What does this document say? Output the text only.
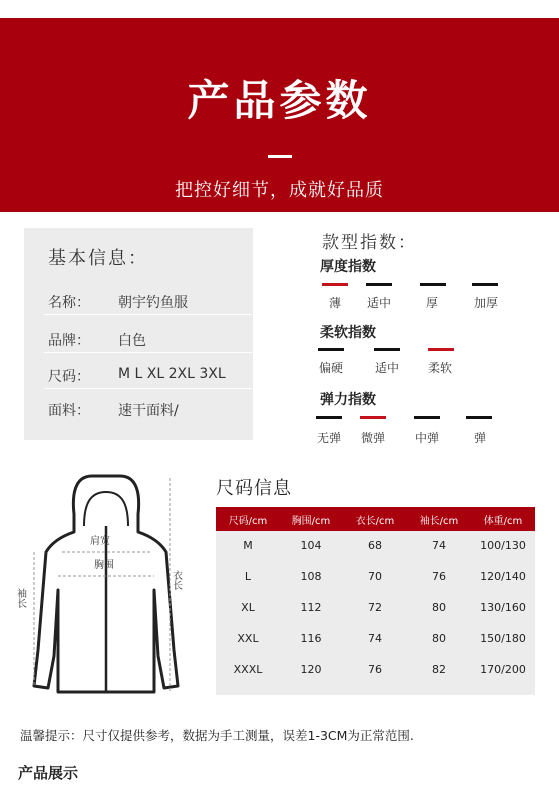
产品参数
把控好细节，成就好品质
基本信息：
名称： 朝宇钓鱼服
品牌： 白色
尺码： M L XL 2XL 3XL
面料： 速干面料/
款型指数：
厚度指数
薄	适中	厚	加厚
柔软指数
偏硬	适中	柔软
弹力指数
无弹	微弹	中弹	弹
肩宽
胸围
衣长
袖长
尺码信息
尺码/cm	胸围/cm	衣长/cm	袖长/cm	体重/cm
M	104	68	74	100/130
L	108	70	76	120/140
XL	112	72	80	130/160
XXL	116	74	80	150/180
XXXL	120	76	82	170/200
温馨提示：尺寸仅提供参考，数据为手工测量，误差1-3CM为正常范围.
产品展示
